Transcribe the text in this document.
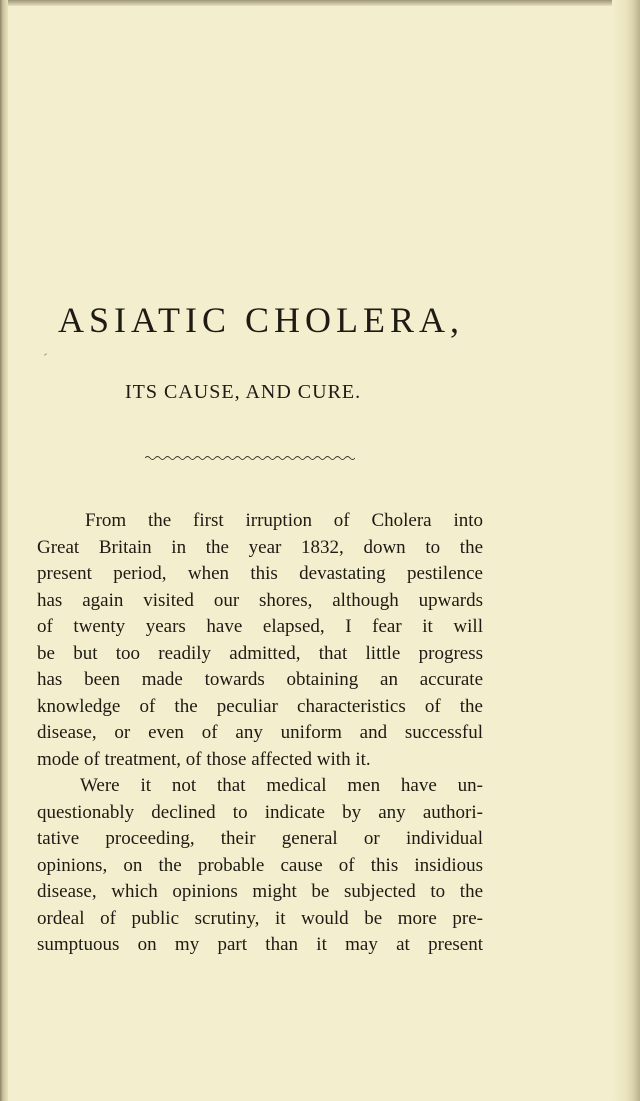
ASIATIC CHOLERA,
ITS CAUSE, AND CURE.
From the first irruption of Cholera into
Great Britain in the year 1832, down to the
present period, when this devastating pestilence
has again visited our shores, although upwards
of twenty years have elapsed, I fear it will
be but too readily admitted, that little progress
has been made towards obtaining an accurate
knowledge of the peculiar characteristics of the
disease, or even of any uniform and successful
mode of treatment, of those affected with it.
Were it not that medical men have un-
questionably declined to indicate by any authori-
tative proceeding, their general or individual
opinions, on the probable cause of this insidious
disease, which opinions might be subjected to the
ordeal of public scrutiny, it would be more pre-
sumptuous on my part than it may at present
